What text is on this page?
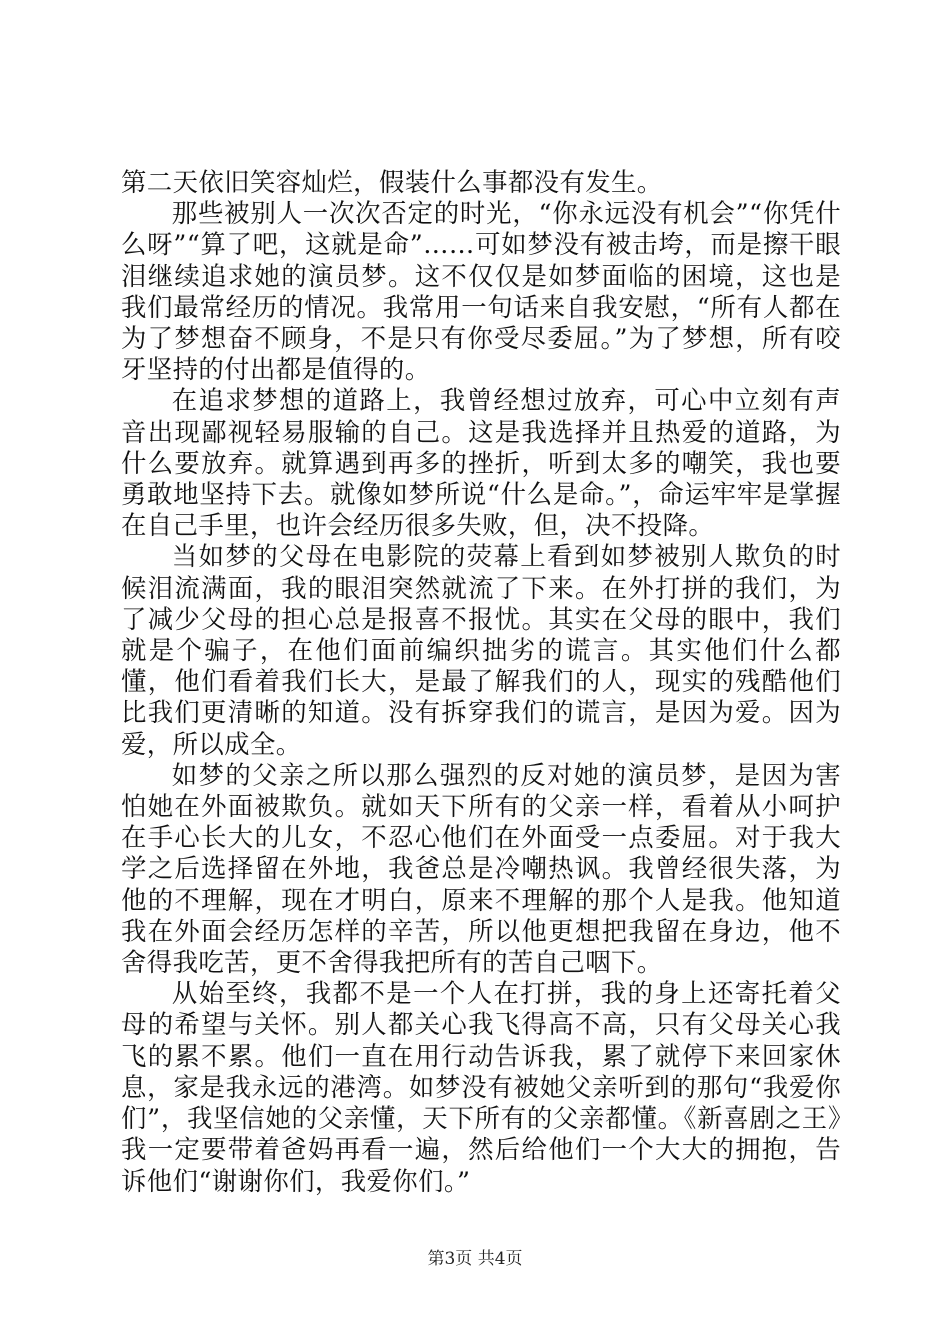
第二天依旧笑容灿烂，假装什么事都没有发生。

那些被别人一次次否定的时光，“你永远没有机会”“你凭什么呀”“算了吧，这就是命”……可如梦没有被击垮，而是擦干眼泪继续追求她的演员梦。这不仅仅是如梦面临的困境，这也是我们最常经历的情况。我常用一句话来自我安慰，“所有人都在为了梦想奋不顾身，不是只有你受尽委屈。”为了梦想，所有咬牙坚持的付出都是值得的。

在追求梦想的道路上，我曾经想过放弃，可心中立刻有声音出现鄙视轻易服输的自己。这是我选择并且热爱的道路，为什么要放弃。就算遇到再多的挫折，听到太多的嘲笑，我也要勇敢地坚持下去。就像如梦所说“什么是命。”，命运牢牢是掌握在自己手里，也许会经历很多失败，但，决不投降。

当如梦的父母在电影院的荧幕上看到如梦被别人欺负的时候泪流满面，我的眼泪突然就流了下来。在外打拼的我们，为了减少父母的担心总是报喜不报忧。其实在父母的眼中，我们就是个骗子，在他们面前编织拙劣的谎言。其实他们什么都懂，他们看着我们长大，是最了解我们的人，现实的残酷他们比我们更清晰的知道。没有拆穿我们的谎言，是因为爱。因为爱，所以成全。

如梦的父亲之所以那么强烈的反对她的演员梦，是因为害怕她在外面被欺负。就如天下所有的父亲一样，看着从小呵护在手心长大的儿女，不忍心他们在外面受一点委屈。对于我大学之后选择留在外地，我爸总是冷嘲热讽。我曾经很失落，为他的不理解，现在才明白，原来不理解的那个人是我。他知道我在外面会经历怎样的辛苦，所以他更想把我留在身边，他不舍得我吃苦，更不舍得我把所有的苦自己咽下。

从始至终，我都不是一个人在打拼，我的身上还寄托着父母的希望与关怀。别人都关心我飞得高不高，只有父母关心我飞的累不累。他们一直在用行动告诉我，累了就停下来回家休息，家是我永远的港湾。如梦没有被她父亲听到的那句“我爱你们”，我坚信她的父亲懂，天下所有的父亲都懂。《新喜剧之王》我一定要带着爸妈再看一遍，然后给他们一个大大的拥抱，告诉他们“谢谢你们，我爱你们。”

第3页 共4页
